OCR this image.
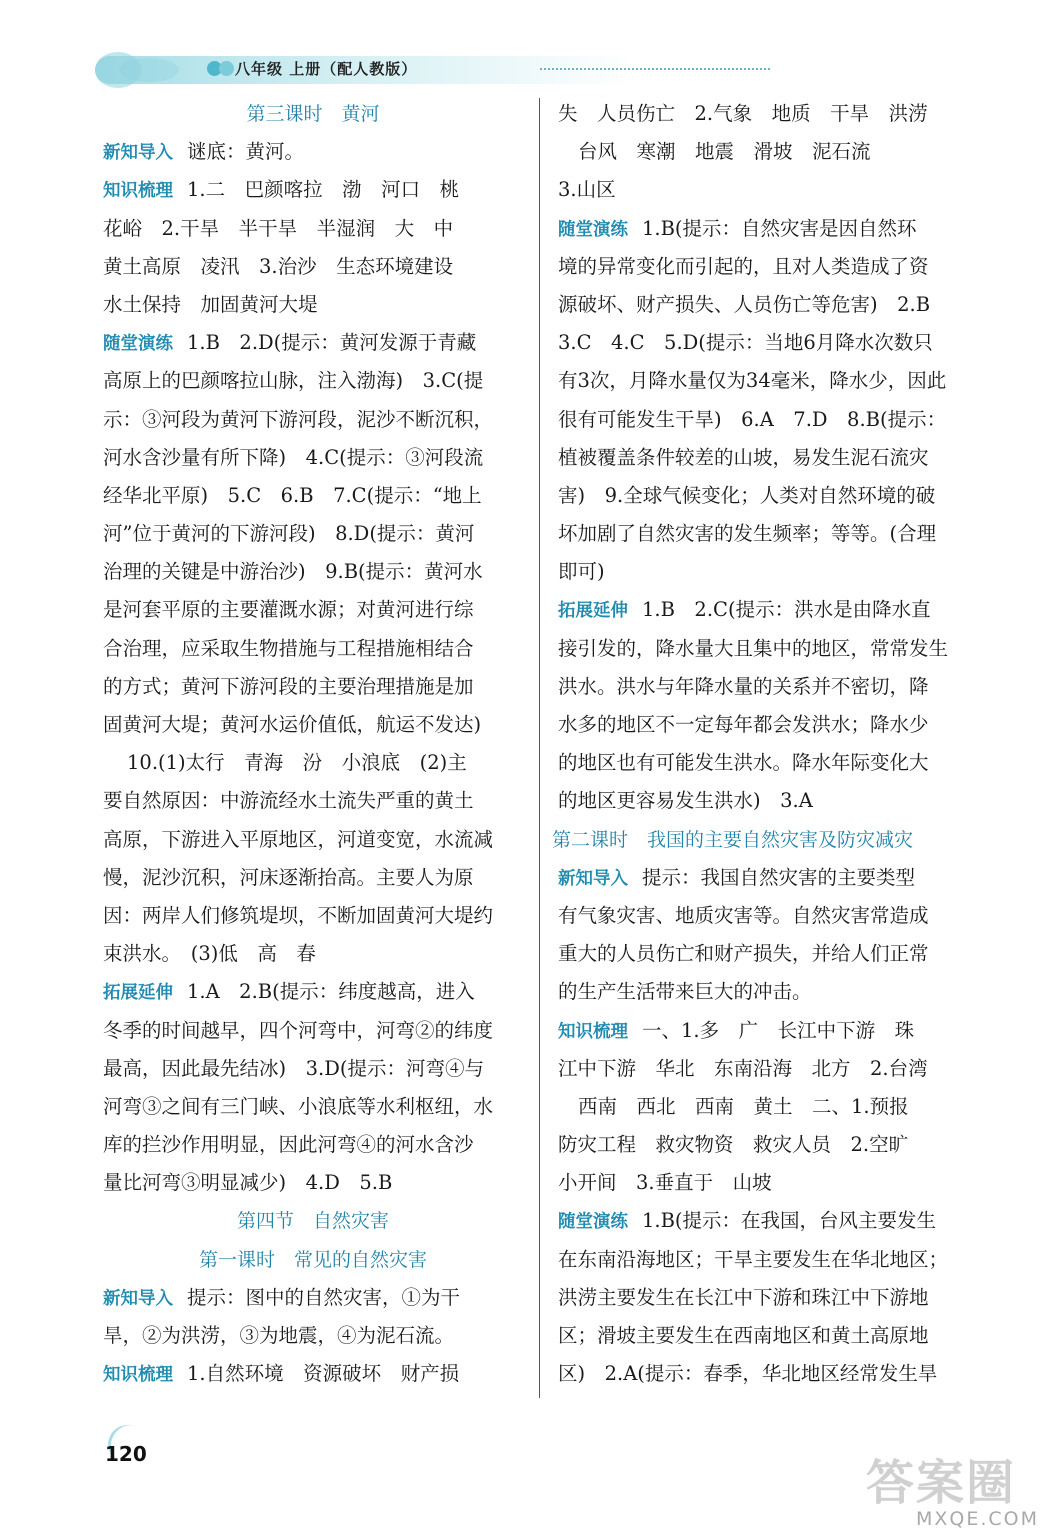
八年级 上册（配人教版）
第三课时　黄河
新知导入 谜底：黄河。
知识梳理 1.二　巴颜喀拉　渤　河口　桃
花峪　2.干旱　半干旱　半湿润　大　中
黄土高原　凌汛　3.治沙　生态环境建设
水土保持　加固黄河大堤
随堂演练 1.B　2.D(提示：黄河发源于青藏
高原上的巴颜喀拉山脉，注入渤海)　3.C(提
示：③河段为黄河下游河段，泥沙不断沉积，
河水含沙量有所下降)　4.C(提示：③河段流
经华北平原)　5.C　6.B　7.C(提示：“地上
河”位于黄河的下游河段)　8.D(提示：黄河
治理的关键是中游治沙)　9.B(提示：黄河水
是河套平原的主要灌溉水源；对黄河进行综
合治理，应采取生物措施与工程措施相结合
的方式；黄河下游河段的主要治理措施是加
固黄河大堤；黄河水运价值低，航运不发达)
10.(1)太行　青海　汾　小浪底　(2)主
要自然原因：中游流经水土流失严重的黄土
高原，下游进入平原地区，河道变宽，水流减
慢，泥沙沉积，河床逐渐抬高。主要人为原
因：两岸人们修筑堤坝，不断加固黄河大堤约
束洪水。　(3)低　高　春
拓展延伸 1.A　2.B(提示：纬度越高，进入
冬季的时间越早，四个河弯中，河弯②的纬度
最高，因此最先结冰)　3.D(提示：河弯④与
河弯③之间有三门峡、小浪底等水利枢纽，水
库的拦沙作用明显，因此河弯④的河水含沙
量比河弯③明显减少)　4.D　5.B
第四节　自然灾害
第一课时　常见的自然灾害
新知导入 提示：图中的自然灾害，①为干
旱，②为洪涝，③为地震，④为泥石流。
知识梳理 1.自然环境　资源破坏　财产损
失　人员伤亡　2.气象　地质　干旱　洪涝
台风　寒潮　地震　滑坡　泥石流
3.山区
随堂演练 1.B(提示：自然灾害是因自然环
境的异常变化而引起的，且对人类造成了资
源破坏、财产损失、人员伤亡等危害)　2.B
3.C　4.C　5.D(提示：当地6月降水次数只
有3次，月降水量仅为34毫米，降水少，因此
很有可能发生干旱)　6.A　7.D　8.B(提示：
植被覆盖条件较差的山坡，易发生泥石流灾
害)　9.全球气候变化；人类对自然环境的破
坏加剧了自然灾害的发生频率；等等。(合理
即可)
拓展延伸 1.B　2.C(提示：洪水是由降水直
接引发的，降水量大且集中的地区，常常发生
洪水。洪水与年降水量的关系并不密切，降
水多的地区不一定每年都会发洪水；降水少
的地区也有可能发生洪水。降水年际变化大
的地区更容易发生洪水)　3.A
第二课时　我国的主要自然灾害及防灾减灾
新知导入 提示：我国自然灾害的主要类型
有气象灾害、地质灾害等。自然灾害常造成
重大的人员伤亡和财产损失，并给人们正常
的生产生活带来巨大的冲击。
知识梳理 一、1.多　广　长江中下游　珠
江中下游　华北　东南沿海　北方　2.台湾
西南　西北　西南　黄土　二、1.预报
防灾工程　救灾物资　救灾人员　2.空旷
小开间　3.垂直于　山坡
随堂演练 1.B(提示：在我国，台风主要发生
在东南沿海地区；干旱主要发生在华北地区；
洪涝主要发生在长江中下游和珠江中下游地
区；滑坡主要发生在西南地区和黄土高原地
区)　2.A(提示：春季，华北地区经常发生旱
120
答案圈
MXQE.COM
